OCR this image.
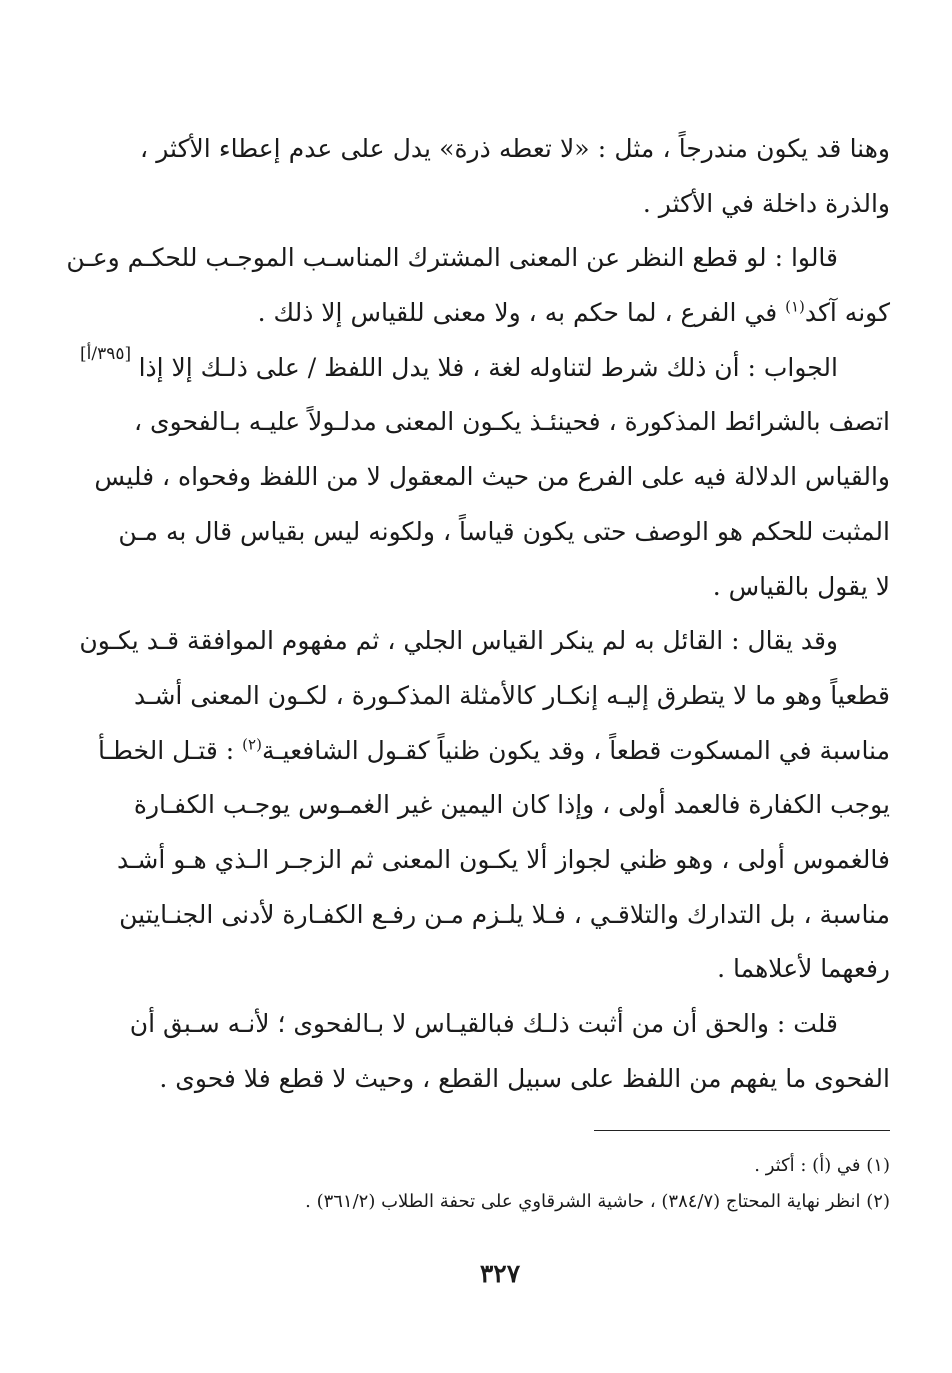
[٣٩٥/أ]
وهنا قد يكون مندرجاً ، مثل : «لا تعطه ذرة» يدل على عدم إعطاء الأكثر ،
والذرة داخلة في الأكثر .
قالوا : لو قطع النظر عن المعنى المشترك المناسـب الموجـب للحكـم وعـن
كونه آكد$^{(١)}$ في الفرع ، لما حكم به ، ولا معنى للقياس إلا ذلك .
الجواب : أن ذلك شرط لتناوله لغة ، فلا يدل اللفظ / على ذلـك إلا إذا
اتصف بالشرائط المذكورة ، فحينئـذ يكـون المعنى مدلـولاً عليـه بـالفحوى ،
والقياس الدلالة فيه على الفرع من حيث المعقول لا من اللفظ وفحواه ، فليس
المثبت للحكم هو الوصف حتى يكون قياساً ، ولكونه ليس بقياس قال به مـن
لا يقول بالقياس .
وقد يقال : القائل به لم ينكر القياس الجلي ، ثم مفهوم الموافقة قـد يكـون
قطعياً وهو ما لا يتطرق إليـه إنكـار كالأمثلة المذكـورة ، لكـون المعنى أشـد
مناسبة في المسكوت قطعاً ، وقد يكون ظنياً كقـول الشافعيـة$^{(٢)}$ : قتـل الخطـأ
يوجب الكفارة فالعمد أولى ، وإذا كان اليمين غير الغمـوس يوجـب الكفـارة
فالغموس أولى ، وهو ظني لجواز ألا يكـون المعنى ثم الزجـر الـذي هـو أشـد
مناسبة ، بل التدارك والتلاقـي ، فـلا يلـزم مـن رفـع الكفـارة لأدنى الجنـايتين
رفعهما لأعلاهما .
قلت : والحق أن من أثبت ذلـك فبالقيـاس لا بـالفحوى ؛ لأنـه سـبق أن
الفحوى ما يفهم من اللفظ على سبيل القطع ، وحيث لا قطع فلا فحوى .
(١) في (أ) : أكثر .
(٢) انظر نهاية المحتاج (٣٨٤/٧) ، حاشية الشرقاوي على تحفة الطلاب (٣٦١/٢) .
٣٢٧
